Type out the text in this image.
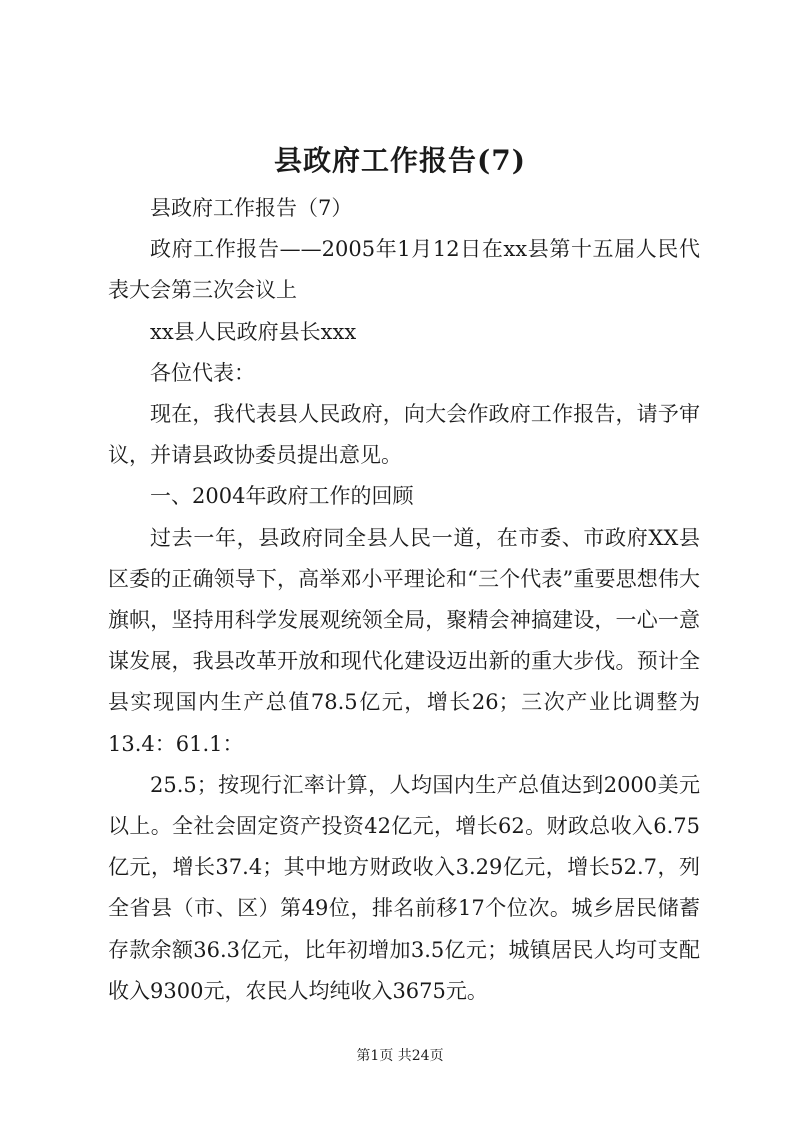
县政府工作报告(7)

县政府工作报告（7）

政府工作报告——2005年1月12日在xx县第十五届人民代表大会第三次会议上

xx县人民政府县长xxx

各位代表：

现在，我代表县人民政府，向大会作政府工作报告，请予审议，并请县政协委员提出意见。

一、2004年政府工作的回顾

过去一年，县政府同全县人民一道，在市委、市政府XX县区委的正确领导下，高举邓小平理论和“三个代表”重要思想伟大旗帜，坚持用科学发展观统领全局，聚精会神搞建设，一心一意谋发展，我县改革开放和现代化建设迈出新的重大步伐。预计全县实现国内生产总值78.5亿元，增长26；三次产业比调整为13.4：61.1：

25.5；按现行汇率计算，人均国内生产总值达到2000美元以上。全社会固定资产投资42亿元，增长62。财政总收入6.75亿元，增长37.4；其中地方财政收入3.29亿元，增长52.7，列全省县（市、区）第49位，排名前移17个位次。城乡居民储蓄存款余额36.3亿元，比年初增加3.5亿元；城镇居民人均可支配收入9300元，农民人均纯收入3675元。

第1页 共24页
